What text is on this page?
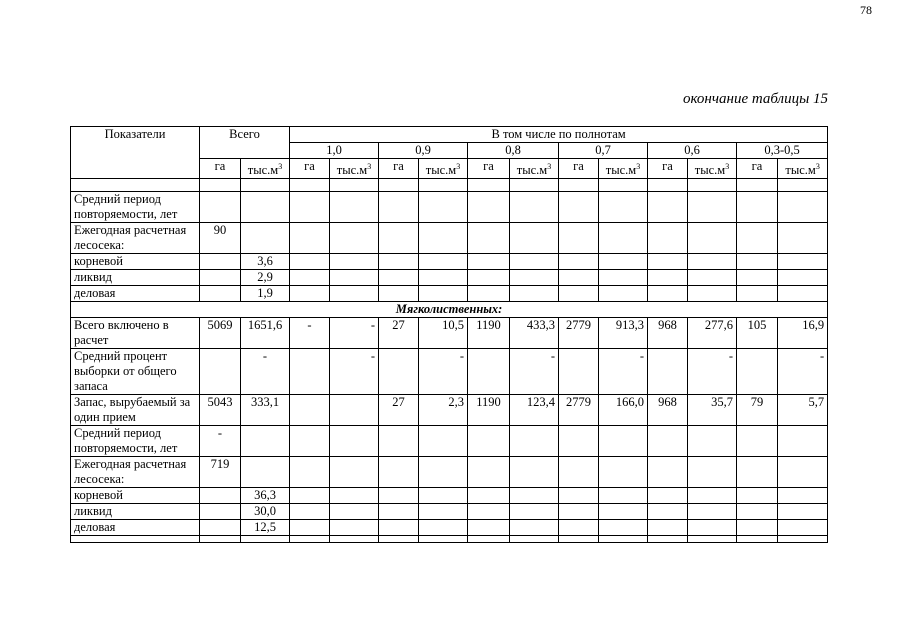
78
окончание таблицы 15
Показатели	Всего		В том числе по полнотам											
			1,0		0,9		0,8		0,7		0,6		0,3-0,5	
	га	$тыс.м^3$	га	$тыс.м^3$	га	$тыс.м^3$	га	$тыс.м^3$	га	$тыс.м^3$	га	$тыс.м^3$	га	$тыс.м^3$

Средний период повторяемости, лет														
Ежегодная расчетная лесосека:	90													
корневой		3,6												
ликвид		2,9												
деловая		1,9												
Мягколиственных:														
Всего включено в расчет	5069	1651,6	-	-	27	10,5	1190	433,3	2779	913,3	968	277,6	105	16,9
Средний процент выборки от общего запаса		-		-		-		-		-		-		-
Запас, вырубаемый за один прием	5043	333,1			27	2,3	1190	123,4	2779	166,0	968	35,7	79	5,7
Средний период повторяемости, лет	-													
Ежегодная расчетная лесосека:	719													
корневой		36,3												
ликвид		30,0												
деловая		12,5												
